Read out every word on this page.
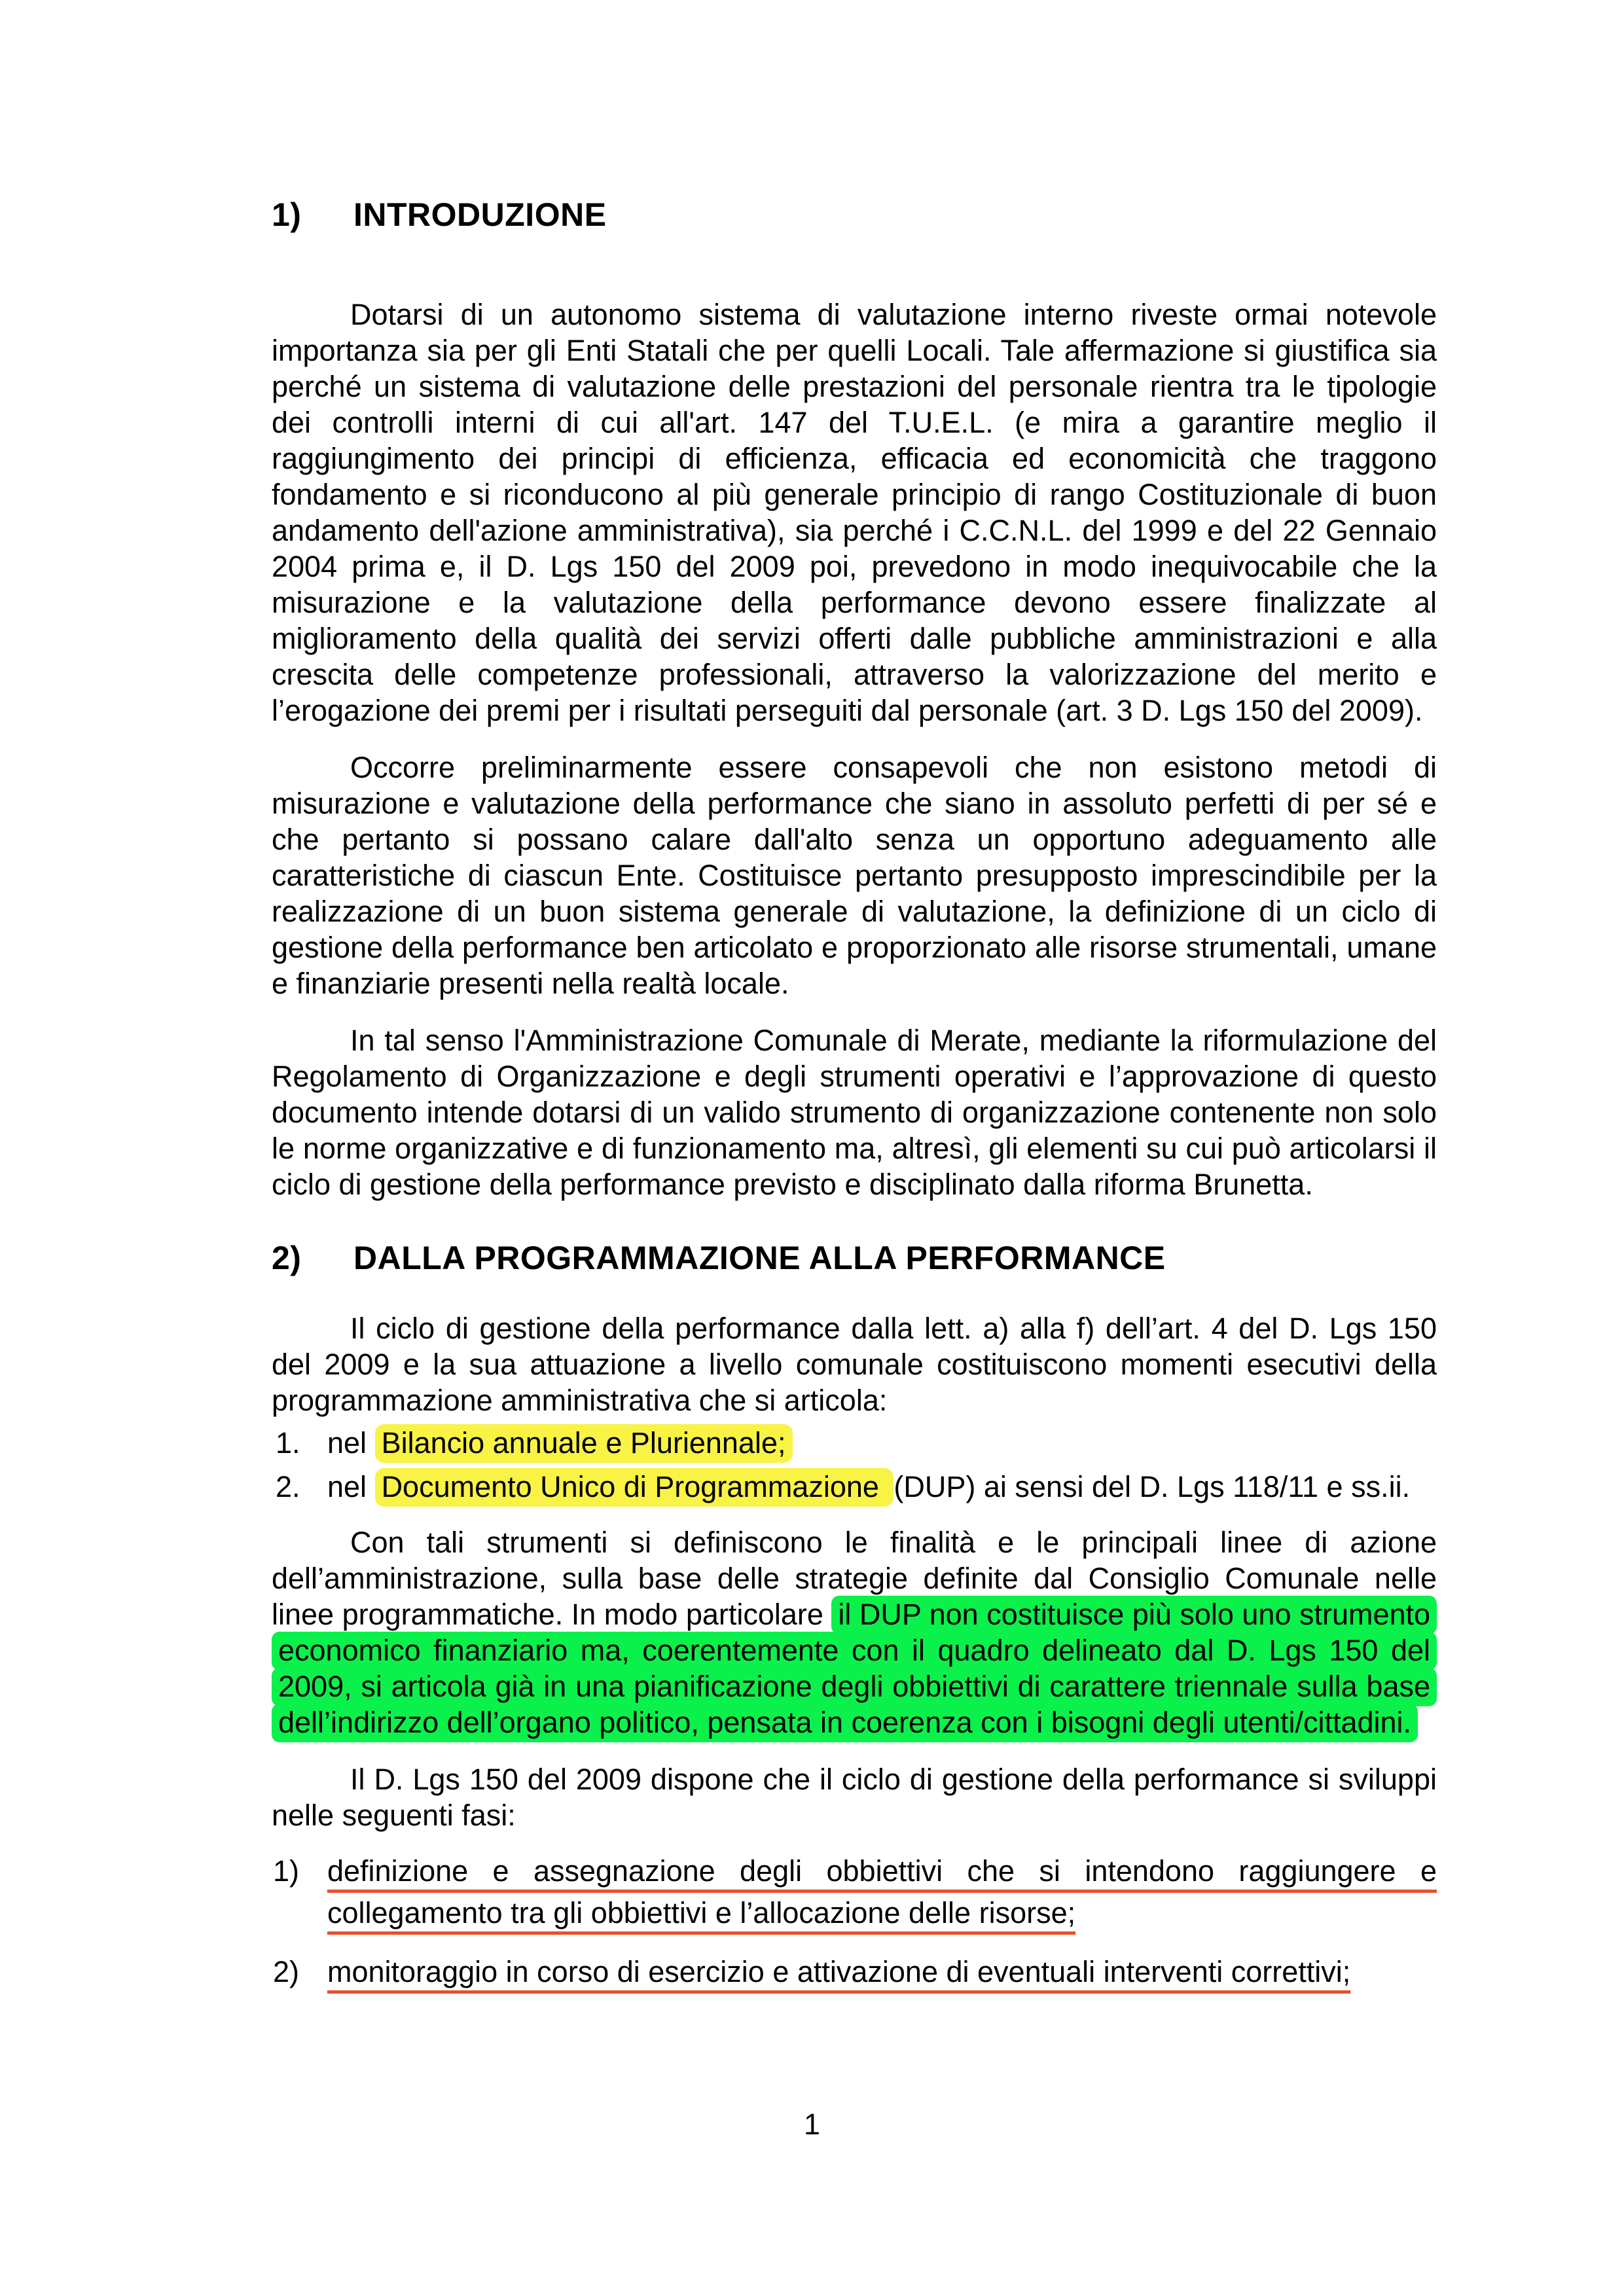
1)	INTRODUZIONE

Dotarsi di un autonomo sistema di valutazione interno riveste ormai notevole importanza sia per gli Enti Statali che per quelli Locali. Tale affermazione si giustifica sia perché un sistema di valutazione delle prestazioni del personale rientra tra le tipologie dei controlli interni di cui all'art. 147 del T.U.E.L. (e mira a garantire meglio il raggiungimento dei principi di efficienza, efficacia ed economicità che traggono fondamento e si riconducono al più generale principio di rango Costituzionale di buon andamento dell'azione amministrativa), sia perché i C.C.N.L. del 1999 e del 22 Gennaio 2004 prima e, il D. Lgs 150 del 2009 poi, prevedono in modo inequivocabile che la misurazione e la valutazione della performance devono essere finalizzate al miglioramento della qualità dei servizi offerti dalle pubbliche amministrazioni e alla crescita delle competenze professionali, attraverso la valorizzazione del merito e l’erogazione dei premi per i risultati perseguiti dal personale (art. 3 D. Lgs 150 del 2009).

Occorre preliminarmente essere consapevoli che non esistono metodi di misurazione e valutazione della performance che siano in assoluto perfetti di per sé e che pertanto si possano calare dall'alto senza un opportuno adeguamento alle caratteristiche di ciascun Ente. Costituisce pertanto presupposto imprescindibile per la realizzazione di un buon sistema generale di valutazione, la definizione di un ciclo di gestione della performance ben articolato e proporzionato alle risorse strumentali, umane e finanziarie presenti nella realtà locale.

In tal senso l'Amministrazione Comunale di Merate, mediante la riformulazione del Regolamento di Organizzazione e degli strumenti operativi e l’approvazione di questo documento intende dotarsi di un valido strumento di organizzazione contenente non solo le norme organizzative e di funzionamento ma, altresì, gli elementi su cui può articolarsi il ciclo di gestione della performance previsto e disciplinato dalla riforma Brunetta.

2)	DALLA PROGRAMMAZIONE ALLA PERFORMANCE

Il ciclo di gestione della performance dalla lett. a) alla f) dell’art. 4 del D. Lgs 150 del 2009 e la sua attuazione a livello comunale costituiscono momenti esecutivi della programmazione amministrativa che si articola:

1. nel Bilancio annuale e Pluriennale;
2. nel Documento Unico di Programmazione (DUP) ai sensi del D. Lgs 118/11 e ss.ii.

Con tali strumenti si definiscono le finalità e le principali linee di azione dell’amministrazione, sulla base delle strategie definite dal Consiglio Comunale nelle linee programmatiche. In modo particolare il DUP non costituisce più solo uno strumento economico finanziario ma, coerentemente con il quadro delineato dal D. Lgs 150 del 2009, si articola già in una pianificazione degli obbiettivi di carattere triennale sulla base dell’indirizzo dell’organo politico, pensata in coerenza con i bisogni degli utenti/cittadini.

Il D. Lgs 150 del 2009 dispone che il ciclo di gestione della performance si sviluppi nelle seguenti fasi:

1) definizione e assegnazione degli obbiettivi che si intendono raggiungere e collegamento tra gli obbiettivi e l’allocazione delle risorse;
2) monitoraggio in corso di esercizio e attivazione di eventuali interventi correttivi;
1
